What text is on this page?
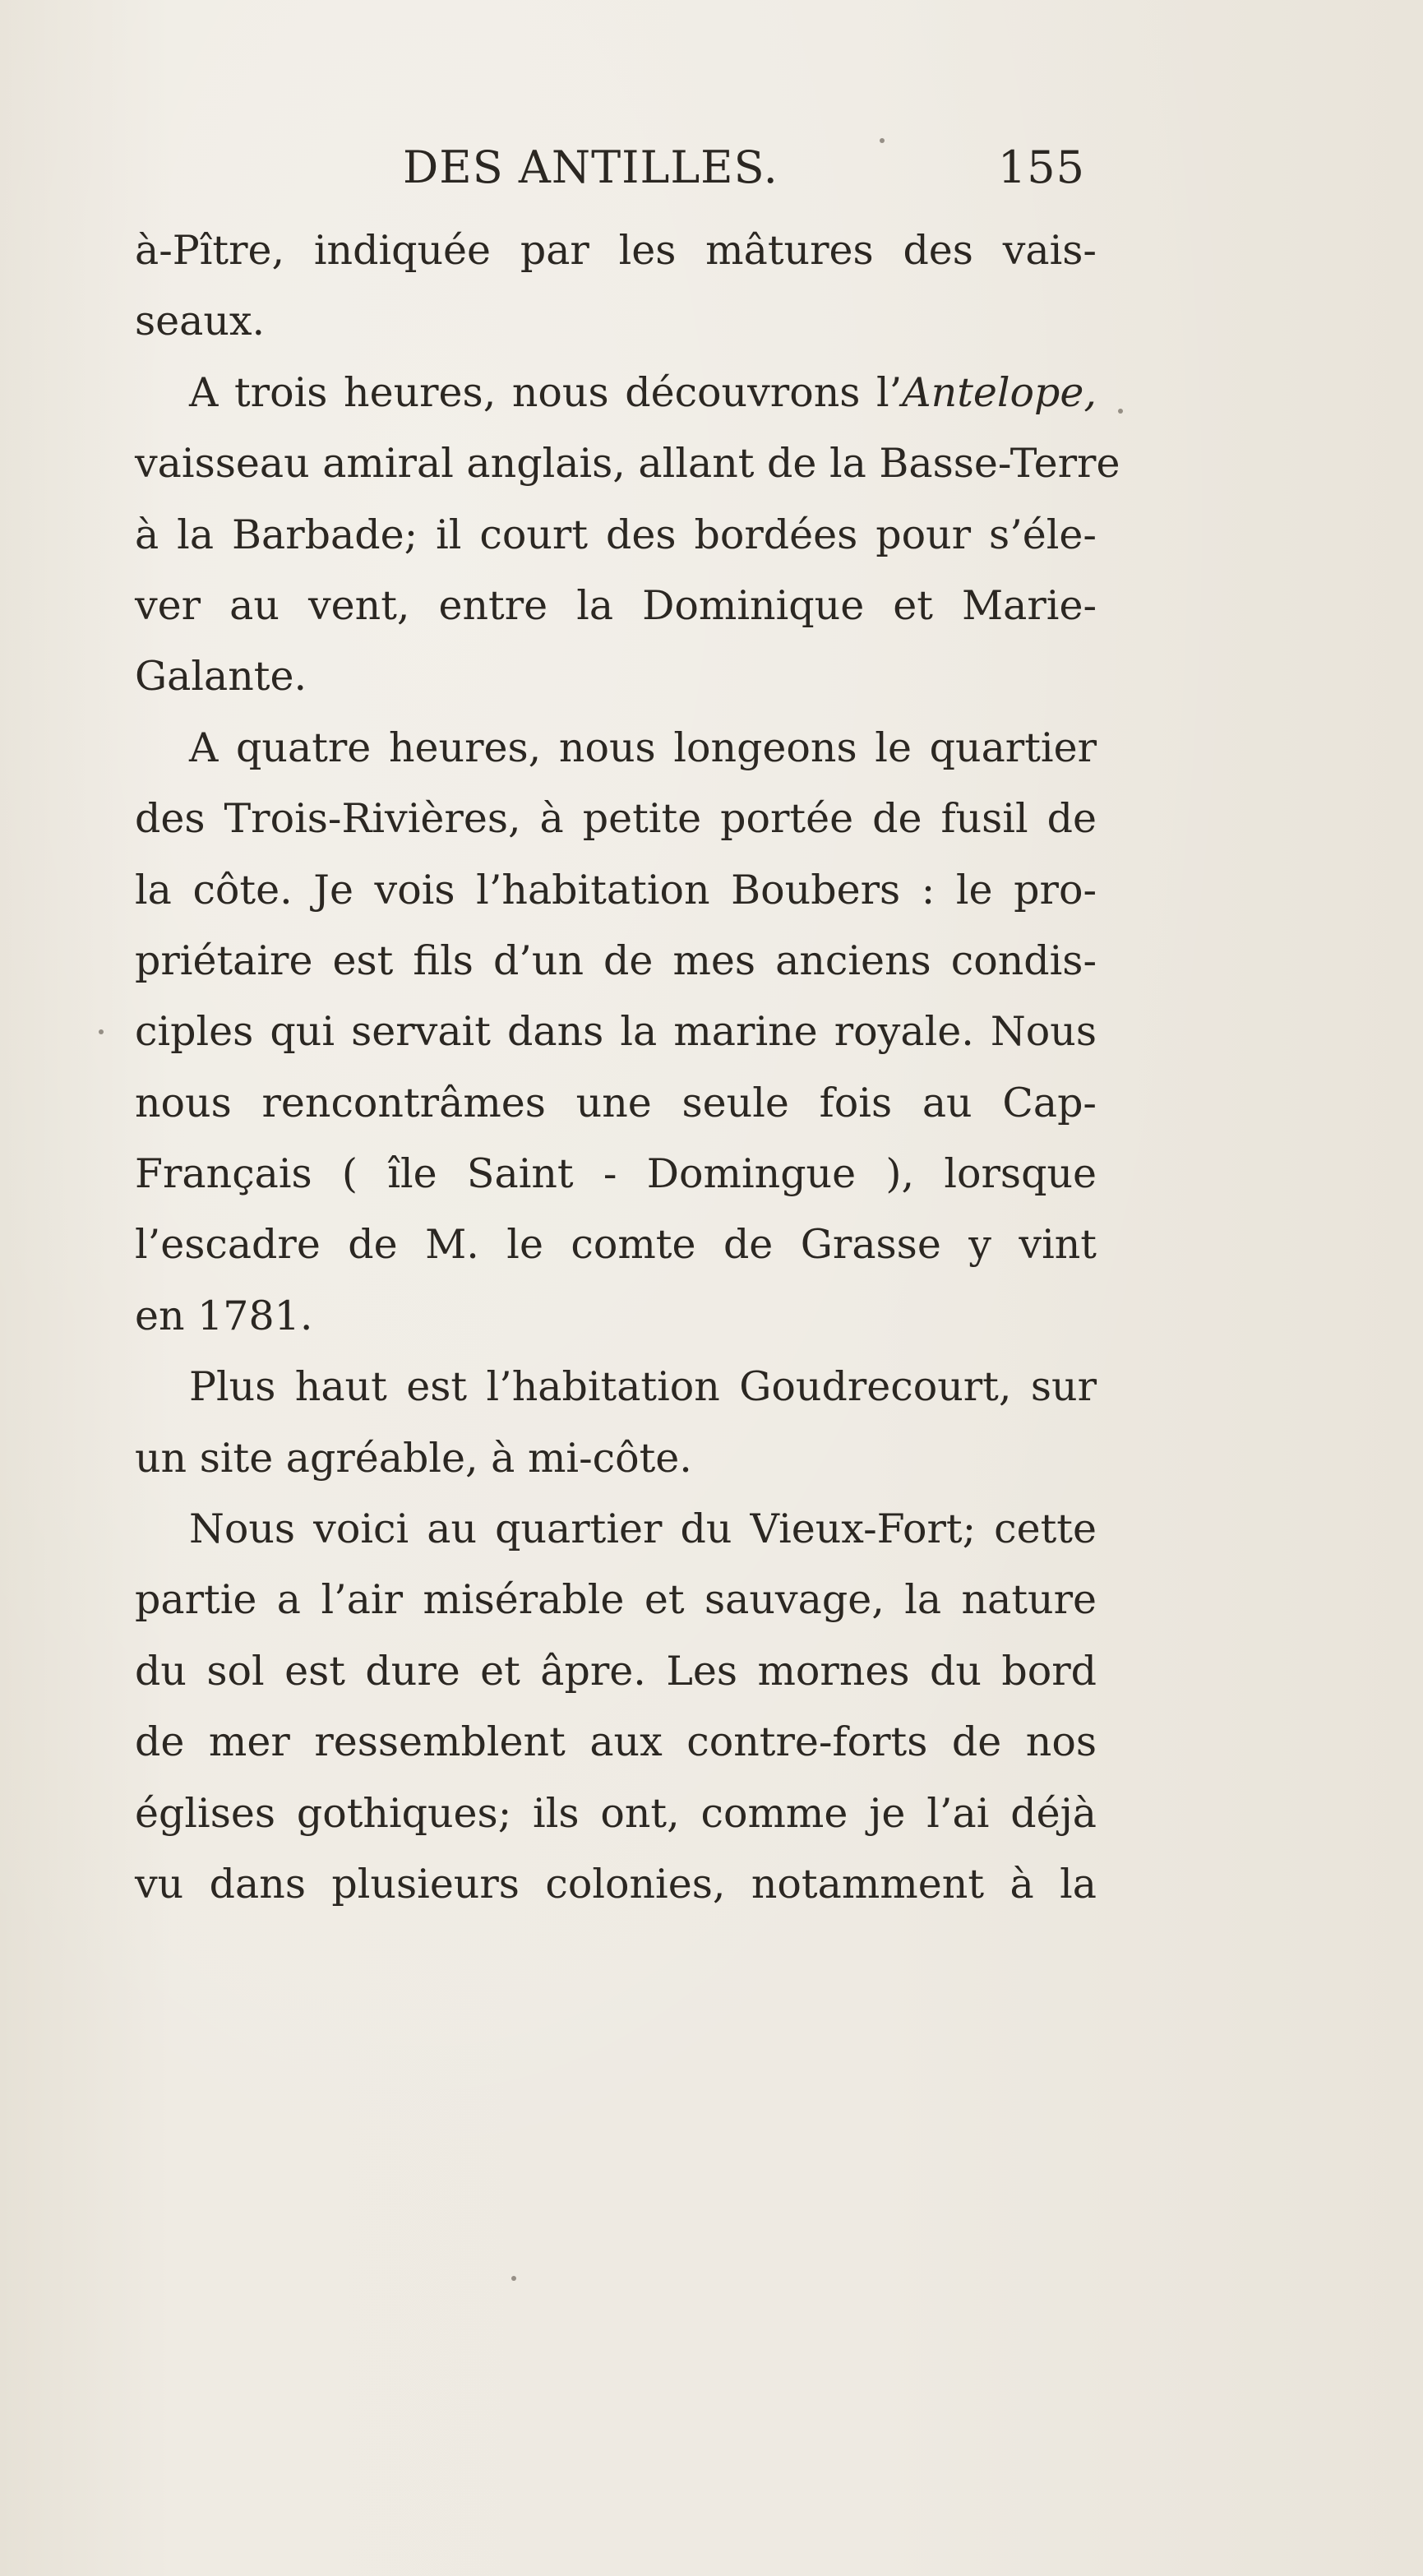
DES ANTILLES.	155
à-Pître, indiquée par les mâtures des vais-
seaux.
A trois heures, nous découvrons l’Antelope,
vaisseau amiral anglais, allant de la Basse-Terre
à la Barbade; il court des bordées pour s’éle-
ver au vent, entre la Dominique et Marie-
Galante.
A quatre heures, nous longeons le quartier
des Trois-Rivières, à petite portée de fusil de
la côte. Je vois l’habitation Boubers : le pro-
priétaire est fils d’un de mes anciens condis-
ciples qui servait dans la marine royale. Nous
nous rencontrâmes une seule fois au Cap-
Français ( île Saint - Domingue ), lorsque
l’escadre de M. le comte de Grasse y vint
en 1781.
Plus haut est l’habitation Goudrecourt, sur
un site agréable, à mi-côte.
Nous voici au quartier du Vieux-Fort; cette
partie a l’air misérable et sauvage, la nature
du sol est dure et âpre. Les mornes du bord
de mer ressemblent aux contre-forts de nos
églises gothiques; ils ont, comme je l’ai déjà
vu dans plusieurs colonies, notamment à la
